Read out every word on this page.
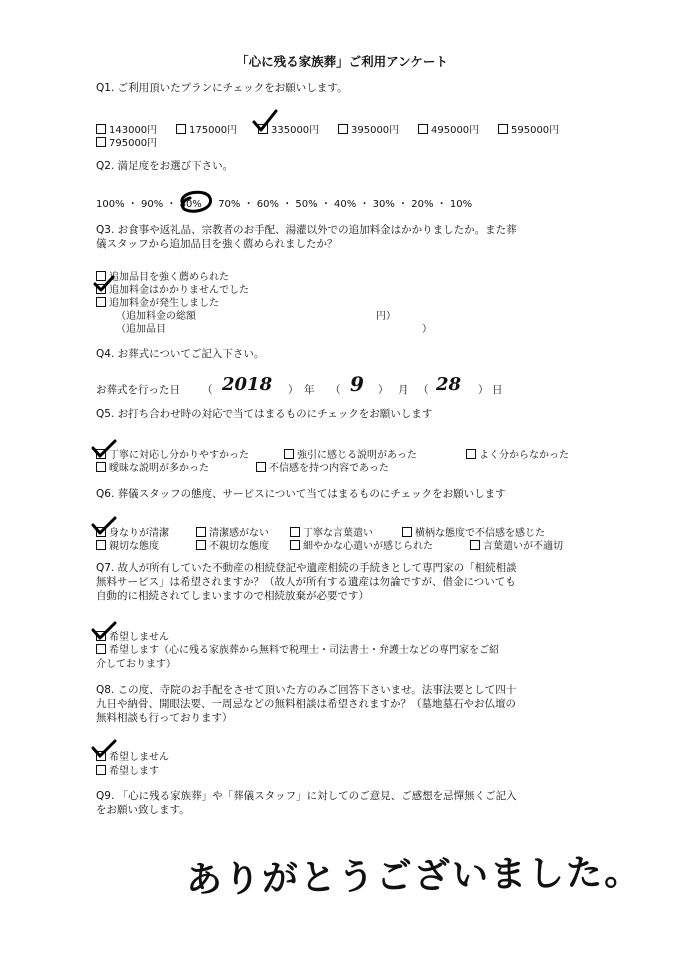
「心に残る家族葬」ご利用アンケート
Q1. ご利用頂いたプランにチェックをお願いします。
143000円	175000円	335000円	395000円	495000円	595000円
795000円
Q2. 満足度をお選び下さい。
100% ・ 90% ・ 80% ・ 70% ・ 60% ・ 50% ・ 40% ・ 30% ・ 20% ・ 10%
Q3. お食事や返礼品、宗教者のお手配、湯灌以外での追加料金はかかりましたか。また葬
儀スタッフから追加品目を強く薦められましたか？
追加品目を強く薦められた
追加料金はかかりませんでした
追加料金が発生しました
（追加料金の総額	円）
（追加品目	）
Q4. お葬式についてご記入下さい。
お葬式を行った日 （	） 年 （	） 月 （	） 日
2018	9	28
Q5. お打ち合わせ時の対応で当てはまるものにチェックをお願いします
丁寧に対応し分かりやすかった	強引に感じる説明があった	よく分からなかった
曖昧な説明が多かった	不信感を持つ内容であった
Q6. 葬儀スタッフの態度、サービスについて当てはまるものにチェックをお願いします
身なりが清潔	清潔感がない	丁寧な言葉遣い	横柄な態度で不信感を感じた
親切な態度	不親切な態度	細やかな心遣いが感じられた	言葉遣いが不適切
Q7. 故人が所有していた不動産の相続登記や遺産相続の手続きとして専門家の「相続相談
無料サービス」は希望されますか？（故人が所有する遺産は勿論ですが、借金についても
自動的に相続されてしまいますので相続放棄が必要です）
希望しません
希望します（心に残る家族葬から無料で税理士・司法書士・弁護士などの専門家をご紹
介しております）
Q8. この度、寺院のお手配をさせて頂いた方のみご回答下さいませ。法事法要として四十
九日や納骨、開眼法要、一周忌などの無料相談は希望されますか？（墓地墓石やお仏壇の
無料相談も行っております）
希望しません
希望します
Q9. 「心に残る家族葬」や「葬儀スタッフ」に対してのご意見、ご感想を忌憚無くご記入
をお願い致します。
ありがとうございました。
